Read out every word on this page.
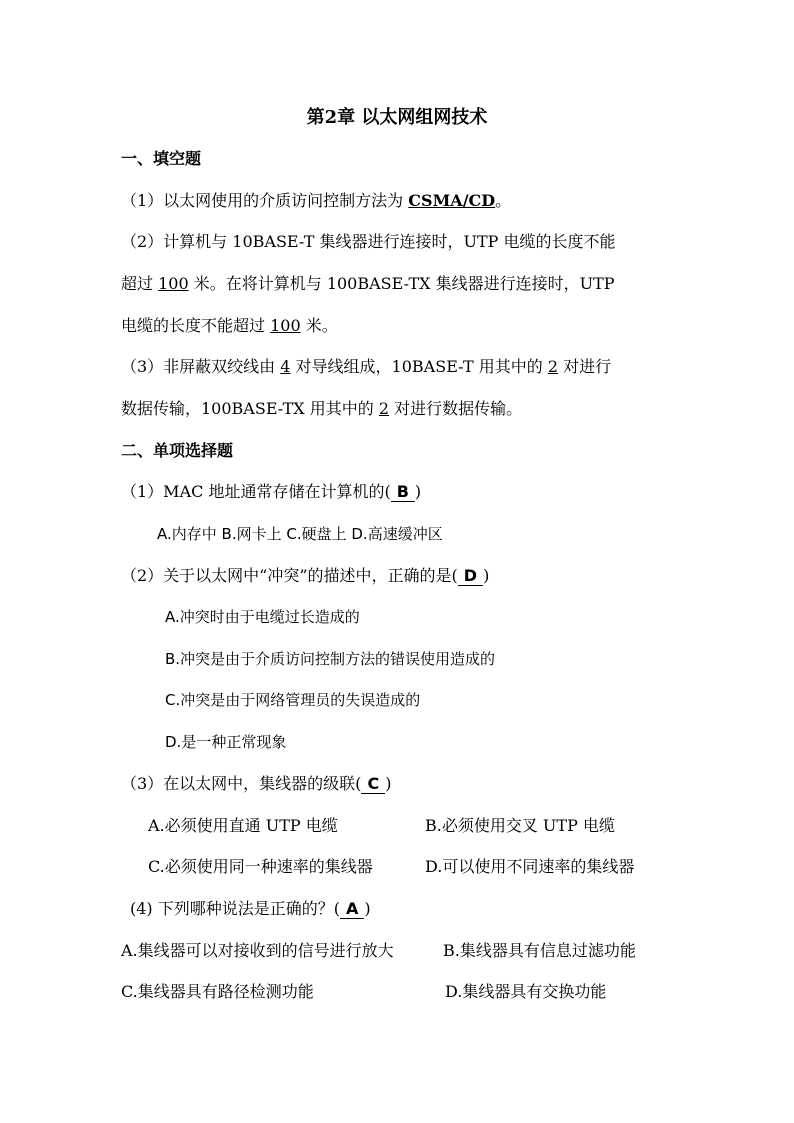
第2章 以太网组网技术
一、填空题
（1）以太网使用的介质访问控制方法为 CSMA/CD。
（2）计算机与 10BASE-T 集线器进行连接时，UTP 电缆的长度不能
超过 100 米。在将计算机与 100BASE-TX 集线器进行连接时，UTP
电缆的长度不能超过 100 米。
（3）非屏蔽双绞线由 4 对导线组成，10BASE-T 用其中的 2 对进行
数据传输，100BASE-TX 用其中的 2 对进行数据传输。
二、单项选择题
（1）MAC 地址通常存储在计算机的( B )
A.内存中 B.网卡上 C.硬盘上 D.高速缓冲区
（2）关于以太网中“冲突”的描述中，正确的是( D )
A.冲突时由于电缆过长造成的
B.冲突是由于介质访问控制方法的错误使用造成的
C.冲突是由于网络管理员的失误造成的
D.是一种正常现象
（3）在以太网中，集线器的级联( C )
A.必须使用直通 UTP 电缆	B.必须使用交叉 UTP 电缆
C.必须使用同一种速率的集线器	D.可以使用不同速率的集线器
(4) 下列哪种说法是正确的？( A )
A.集线器可以对接收到的信号进行放大	B.集线器具有信息过滤功能
C.集线器具有路径检测功能	D.集线器具有交换功能
